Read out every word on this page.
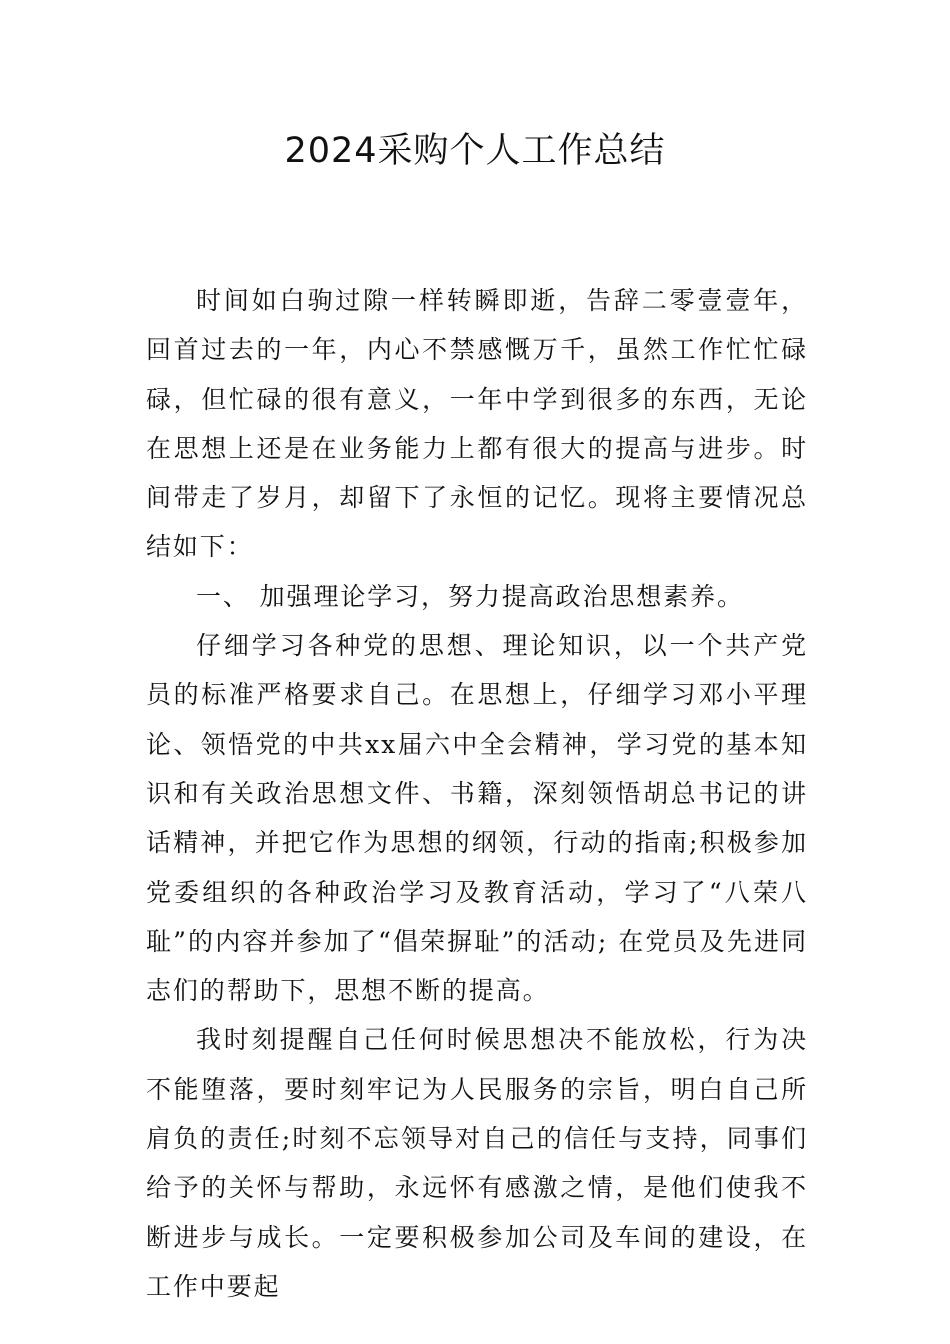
2024采购个人工作总结

时间如白驹过隙一样转瞬即逝，告辞二零壹壹年，回首过去的一年，内心不禁感慨万千，虽然工作忙忙碌碌，但忙碌的很有意义，一年中学到很多的东西，无论在思想上还是在业务能力上都有很大的提高与进步。时间带走了岁月，却留下了永恒的记忆。现将主要情况总结如下：

一、 加强理论学习，努力提高政治思想素养。

仔细学习各种党的思想、理论知识，以一个共产党员的标准严格要求自己。在思想上，仔细学习邓小平理论、领悟党的中共xx届六中全会精神，学习党的基本知识和有关政治思想文件、书籍，深刻领悟胡总书记的讲话精神，并把它作为思想的纲领，行动的指南;积极参加党委组织的各种政治学习及教育活动，学习了“八荣八耻”的内容并参加了“倡荣摒耻”的活动; 在党员及先进同志们的帮助下，思想不断的提高。

我时刻提醒自己任何时候思想决不能放松，行为决不能堕落，要时刻牢记为人民服务的宗旨，明白自己所肩负的责任;时刻不忘领导对自己的信任与支持，同事们给予的关怀与帮助，永远怀有感激之情，是他们使我不断进步与成长。一定要积极参加公司及车间的建设，在工作中要起
